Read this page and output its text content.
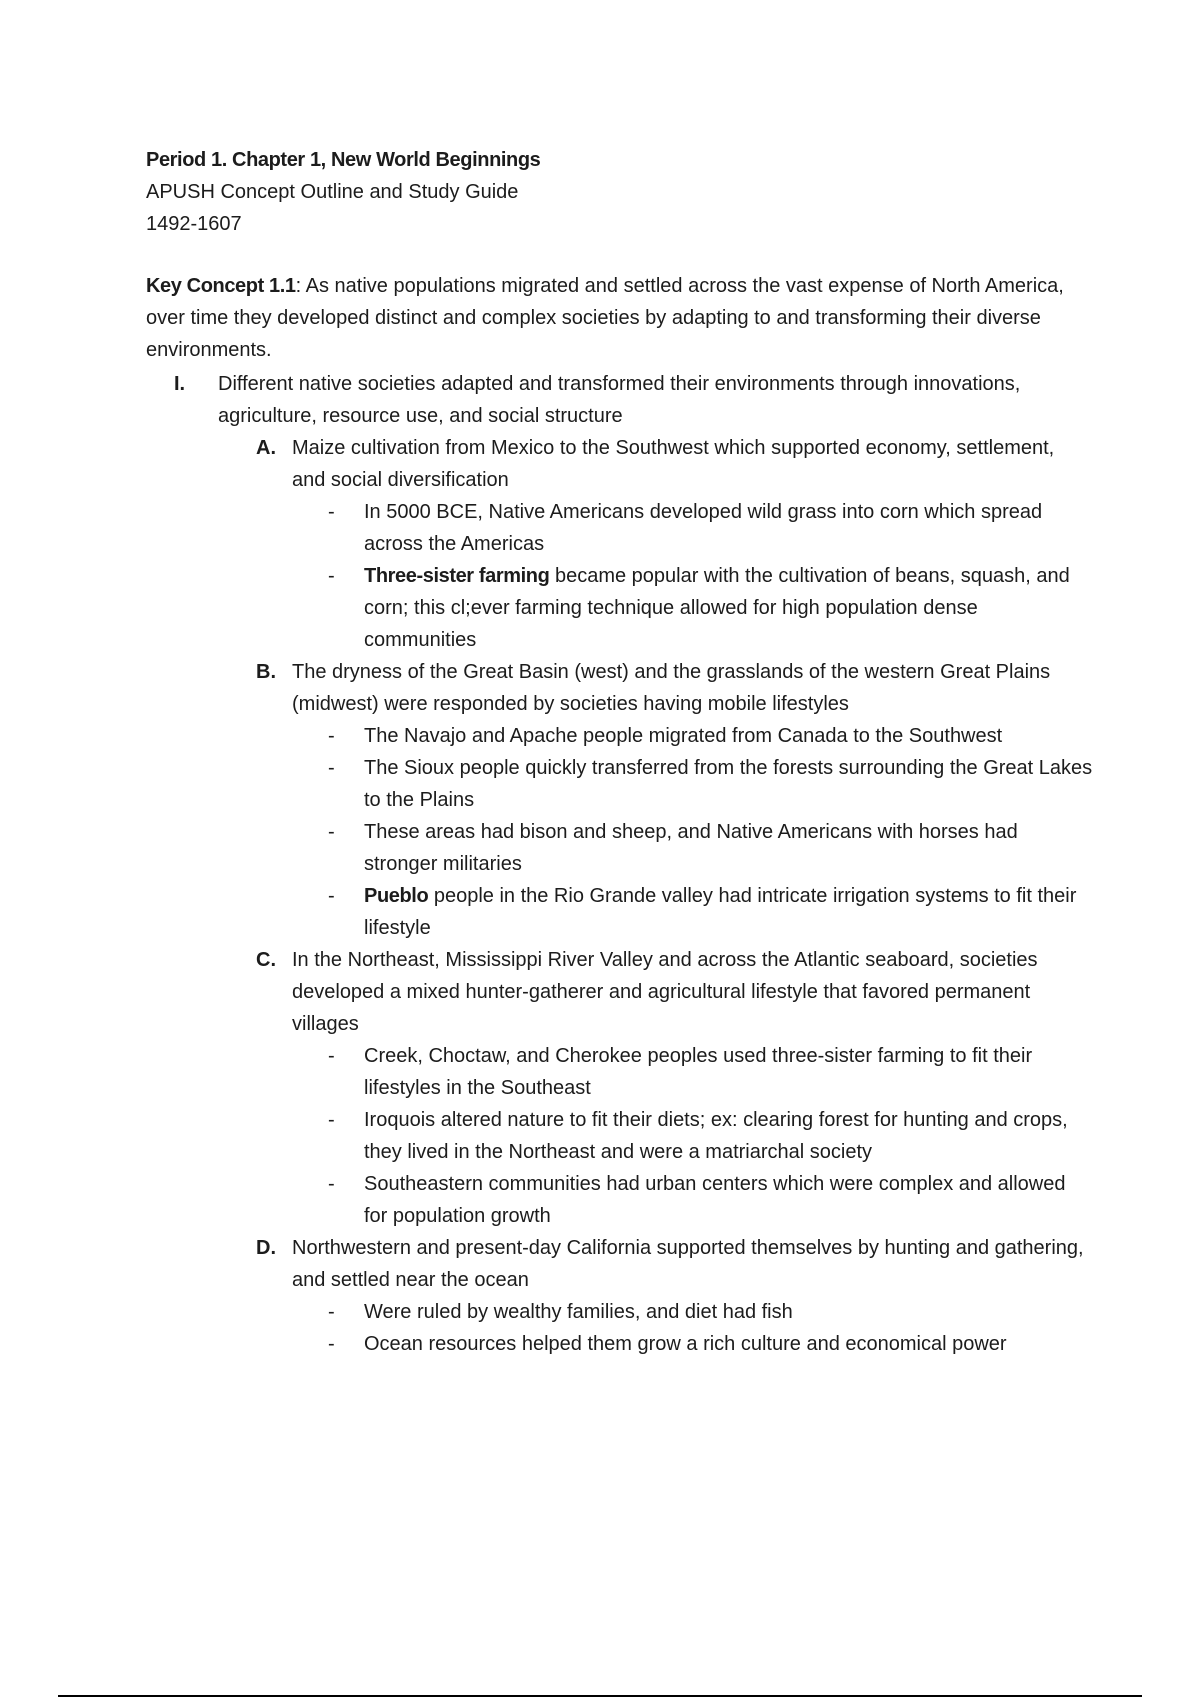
Period 1. Chapter 1, New World Beginnings
APUSH Concept Outline and Study Guide
1492-1607
Key Concept 1.1: As native populations migrated and settled across the vast expense of North America, over time they developed distinct and complex societies by adapting to and transforming their diverse environments.
I.	Different native societies adapted and transformed their environments through innovations, agriculture, resource use, and social structure
A. Maize cultivation from Mexico to the Southwest which supported economy, settlement, and social diversification
-	In 5000 BCE, Native Americans developed wild grass into corn which spread across the Americas
-	Three-sister farming became popular with the cultivation of beans, squash, and corn; this cl;ever farming technique allowed for high population dense communities
B. The dryness of the Great Basin (west) and the grasslands of the western Great Plains (midwest) were responded by societies having mobile lifestyles
-	The Navajo and Apache people migrated from Canada to the Southwest
-	The Sioux people quickly transferred from the forests surrounding the Great Lakes to the Plains
-	These areas had bison and sheep, and Native Americans with horses had stronger militaries
-	Pueblo people in the Rio Grande valley had intricate irrigation systems to fit their lifestyle
C. In the Northeast, Mississippi River Valley and across the Atlantic seaboard, societies developed a mixed hunter-gatherer and agricultural lifestyle that favored permanent villages
-	Creek, Choctaw, and Cherokee peoples used three-sister farming to fit their lifestyles in the Southeast
-	Iroquois altered nature to fit their diets; ex: clearing forest for hunting and crops, they lived in the Northeast and were a matriarchal society
-	Southeastern communities had urban centers which were complex and allowed for population growth
D. Northwestern and present-day California supported themselves by hunting and gathering, and settled near the ocean
-	Were ruled by wealthy families, and diet had fish
-	Ocean resources helped them grow a rich culture and economical power
